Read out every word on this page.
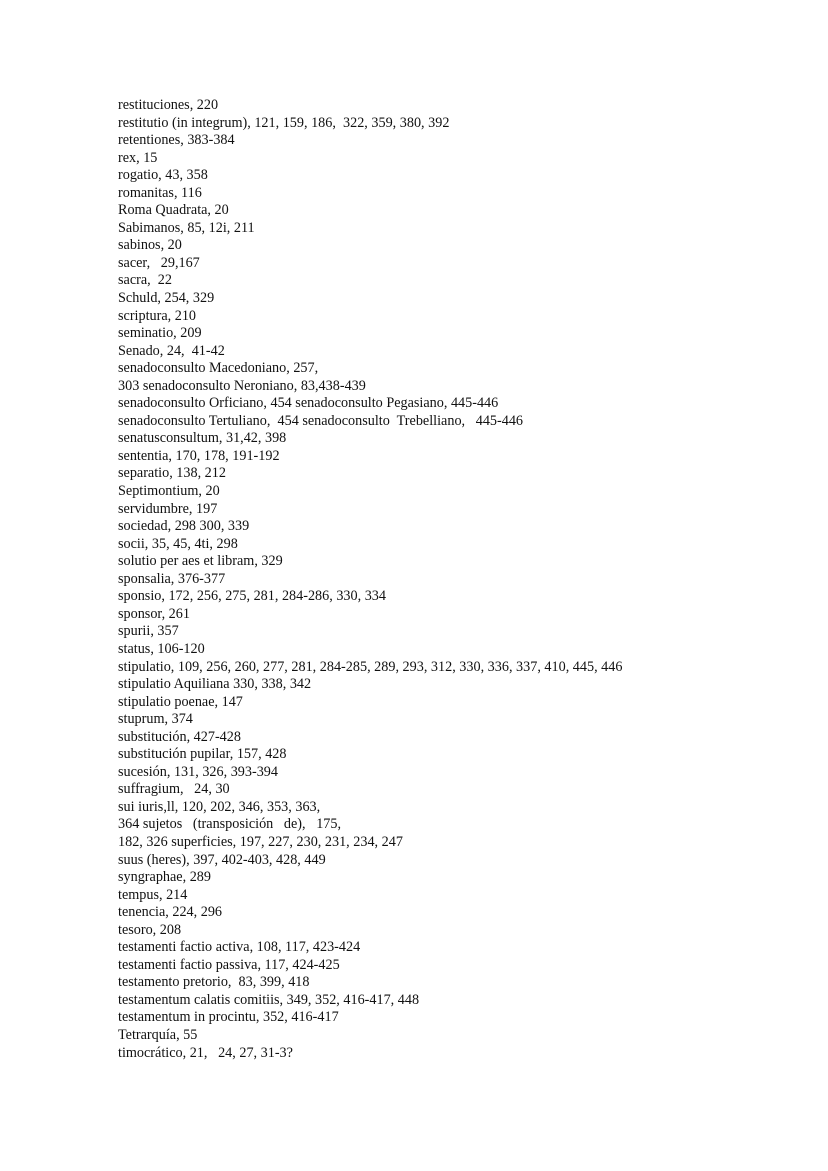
restituciones, 220
restitutio (in integrum), 121, 159, 186,  322, 359, 380, 392
retentiones, 383-384
rex, 15
rogatio, 43, 358
romanitas, 116
Roma Quadrata, 20
Sabimanos, 85, 12i, 211
sabinos, 20
sacer,   29,167
sacra,  22
Schuld, 254, 329
scriptura, 210
seminatio, 209
Senado, 24,  41-42
senadoconsulto Macedoniano, 257,
303 senadoconsulto Neroniano, 83,438-439
senadoconsulto Orficiano, 454 senadoconsulto Pegasiano, 445-446
senadoconsulto Tertuliano,  454 senadoconsulto  Trebelliano,   445-446
senatusconsultum, 31,42, 398
sententia, 170, 178, 191-192
separatio, 138, 212
Septimontium, 20
servidumbre, 197
sociedad, 298 300, 339
socii, 35, 45, 4ti, 298
solutio per aes et libram, 329
sponsalia, 376-377
sponsio, 172, 256, 275, 281, 284-286, 330, 334
sponsor, 261
spurii, 357
status, 106-120
stipulatio, 109, 256, 260, 277, 281, 284-285, 289, 293, 312, 330, 336, 337, 410, 445, 446
stipulatio Aquiliana 330, 338, 342
stipulatio poenae, 147
stuprum, 374
substitución, 427-428
substitución pupilar, 157, 428
sucesión, 131, 326, 393-394
suffragium,   24, 30
sui iuris,ll, 120, 202, 346, 353, 363,
364 sujetos   (transposición   de),   175,
182, 326 superficies, 197, 227, 230, 231, 234, 247
suus (heres), 397, 402-403, 428, 449
syngraphae, 289
tempus, 214
tenencia, 224, 296
tesoro, 208
testamenti factio activa, 108, 117, 423-424
testamenti factio passiva, 117, 424-425
testamento pretorio,  83, 399, 418
testamentum calatis comitiis, 349, 352, 416-417, 448
testamentum in procintu, 352, 416-417
Tetrarquía, 55
timocrático, 21,   24, 27, 31-3?
